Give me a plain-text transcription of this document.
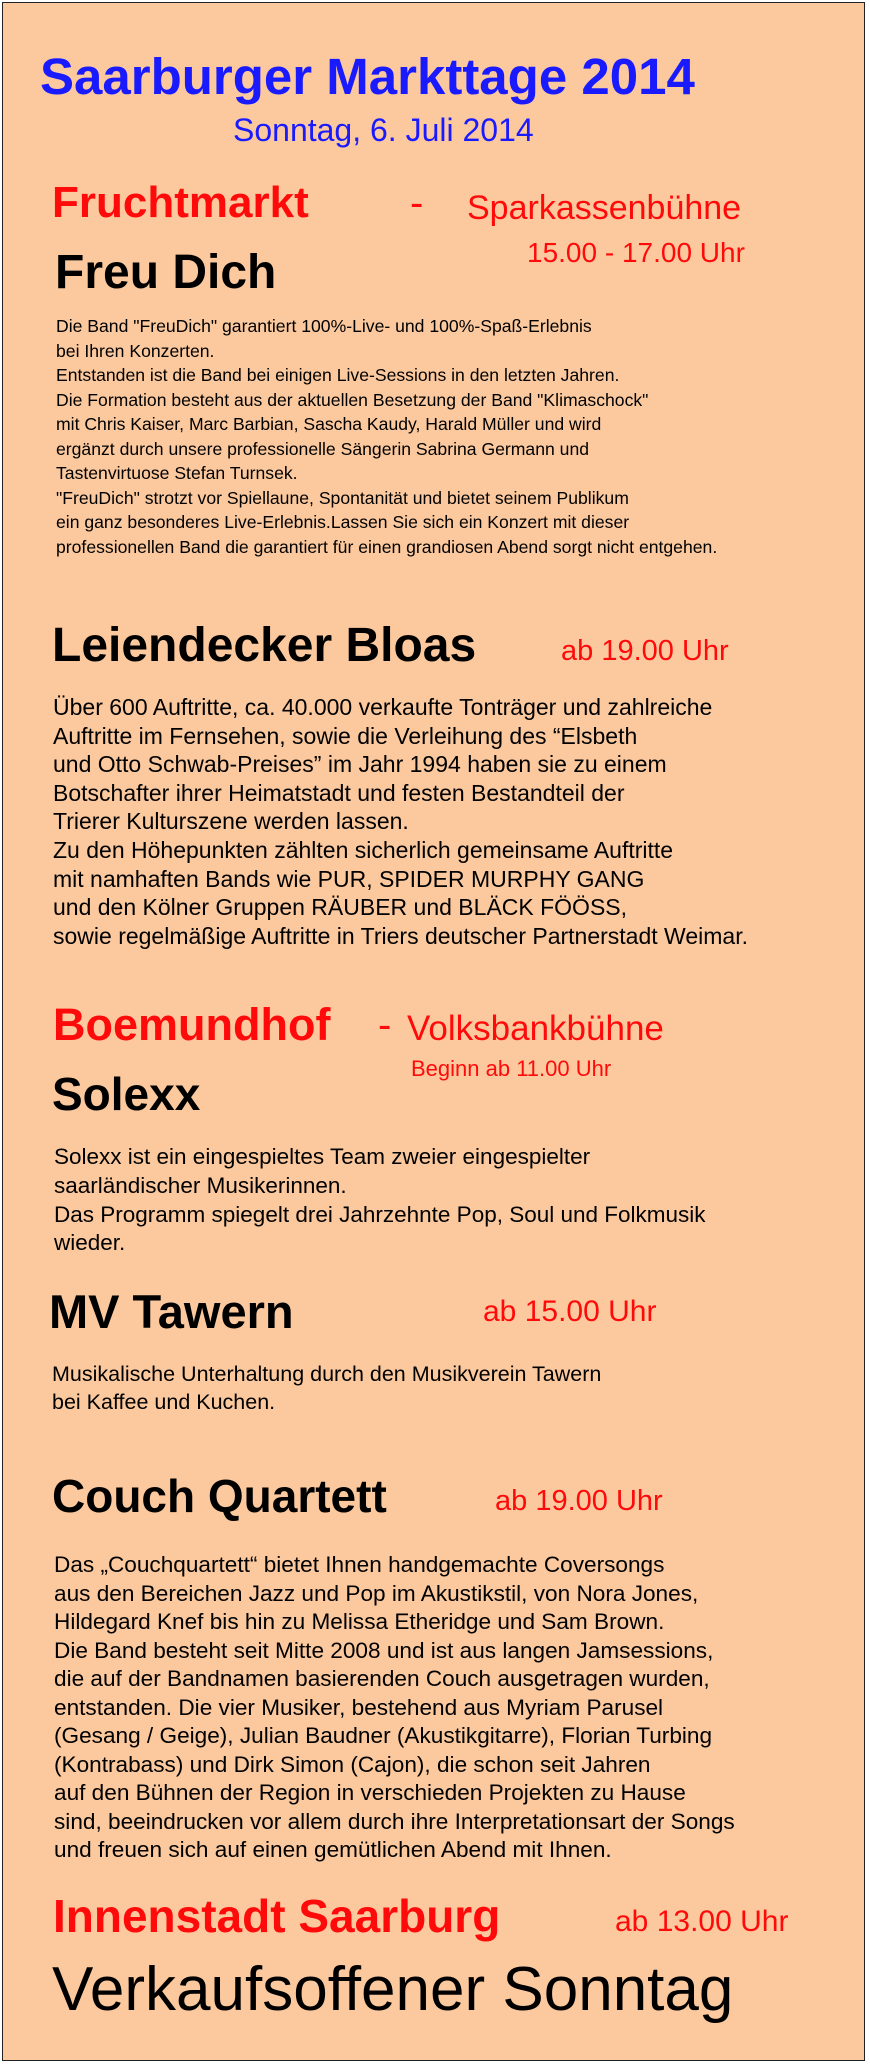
Saarburger Markttage 2014
Sonntag, 6. Juli 2014
Fruchtmarkt	- Sparkassenbühne
15.00 - 17.00 Uhr
Freu Dich
Die Band "FreuDich" garantiert 100%-Live- und 100%-Spaß-Erlebnis
bei Ihren Konzerten.
Entstanden ist die Band bei einigen Live-Sessions in den letzten Jahren.
Die Formation besteht aus der aktuellen Besetzung der Band "Klimaschock"
mit Chris Kaiser, Marc Barbian, Sascha Kaudy, Harald Müller und wird
ergänzt durch unsere professionelle Sängerin Sabrina Germann und
Tastenvirtuose Stefan Turnsek.
"FreuDich" strotzt vor Spiellaune, Spontanität und bietet seinem Publikum
ein ganz besonderes Live-Erlebnis.Lassen Sie sich ein Konzert mit dieser
professionellen Band die garantiert für einen grandiosen Abend sorgt nicht entgehen.
Leiendecker Bloas	ab 19.00 Uhr
Über 600 Auftritte, ca. 40.000 verkaufte Tonträger und zahlreiche
Auftritte im Fernsehen, sowie die Verleihung des “Elsbeth
und Otto Schwab-Preises” im Jahr 1994 haben sie zu einem
Botschafter ihrer Heimatstadt und festen Bestandteil der
Trierer Kulturszene werden lassen.
Zu den Höhepunkten zählten sicherlich gemeinsame Auftritte
mit namhaften Bands wie PUR, SPIDER MURPHY GANG
und den Kölner Gruppen RÄUBER und BLÄCK FÖÖSS,
sowie regelmäßige Auftritte in Triers deutscher Partnerstadt Weimar.
Boemundhof - Volksbankbühne
Beginn ab 11.00 Uhr
Solexx
Solexx ist ein eingespieltes Team zweier eingespielter
saarländischer Musikerinnen.
Das Programm spiegelt drei Jahrzehnte Pop, Soul und Folkmusik
wieder.
MV Tawern	ab 15.00 Uhr
Musikalische Unterhaltung durch den Musikverein Tawern
bei Kaffee und Kuchen.
Couch Quartett	ab 19.00 Uhr
Das „Couchquartett“ bietet Ihnen handgemachte Coversongs
aus den Bereichen Jazz und Pop im Akustikstil, von Nora Jones,
Hildegard Knef bis hin zu Melissa Etheridge und Sam Brown.
Die Band besteht seit Mitte 2008 und ist aus langen Jamsessions,
die auf der Bandnamen basierenden Couch ausgetragen wurden,
entstanden. Die vier Musiker, bestehend aus Myriam Parusel
(Gesang / Geige), Julian Baudner (Akustikgitarre), Florian Turbing
(Kontrabass) und Dirk Simon (Cajon), die schon seit Jahren
auf den Bühnen der Region in verschieden Projekten zu Hause
sind, beeindrucken vor allem durch ihre Interpretationsart der Songs
und freuen sich auf einen gemütlichen Abend mit Ihnen.
Innenstadt Saarburg	ab 13.00 Uhr
Verkaufsoffener Sonntag
